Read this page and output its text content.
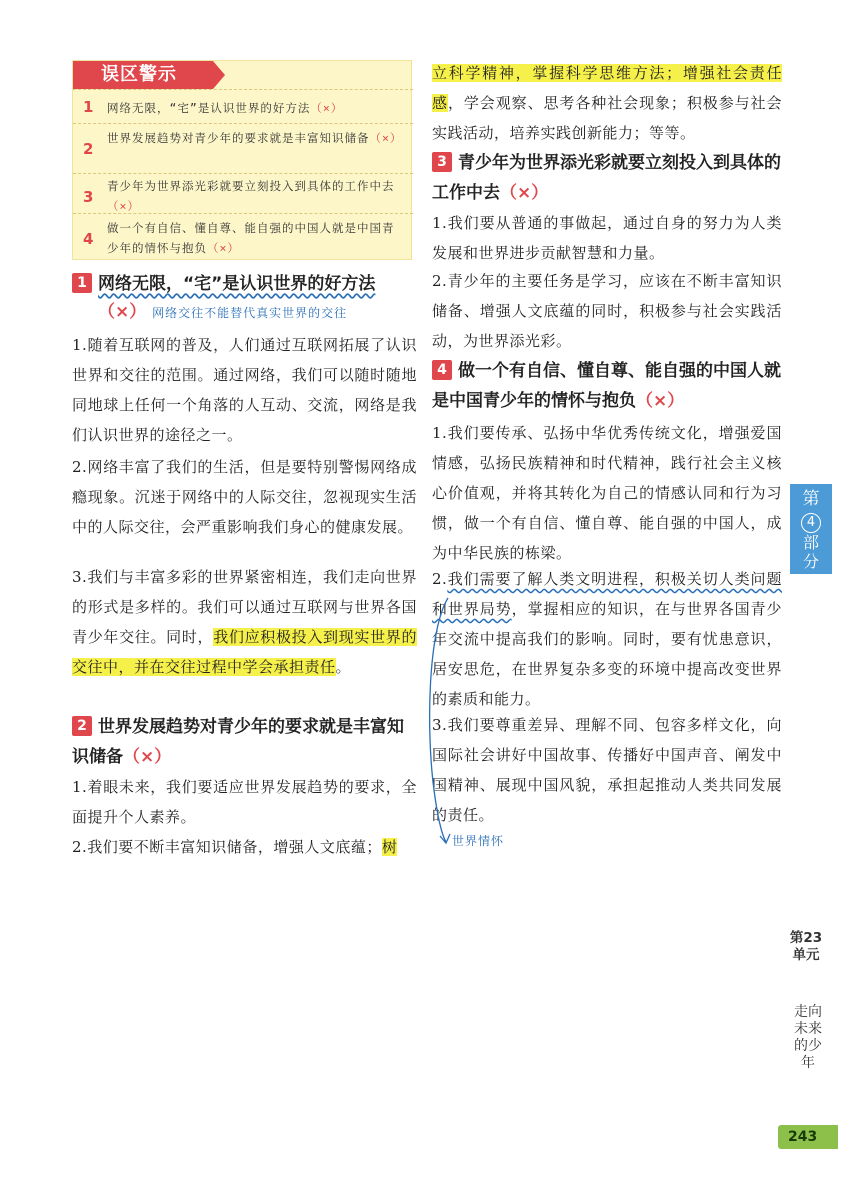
误区警示
1 网络无限，“宅”是认识世界的好方法（×）
2
世界发展趋势对青少年的要求就是丰富知识储备（×）
3
青少年为世界添光彩就要立刻投入到具体的工作中去（×）
4
做一个有自信、懂自尊、能自强的中国人就是中国青少年的情怀与抱负（×）
1 网络无限，“宅”是认识世界的好方法
（×） 网络交往不能替代真实世界的交往
1.随着互联网的普及，人们通过互联网拓展了认识世界和交往的范围。通过网络，我们可以随时随地同地球上任何一个角落的人互动、交流，网络是我们认识世界的途径之一。
2.网络丰富了我们的生活，但是要特别警惕网络成瘾现象。沉迷于网络中的人际交往，忽视现实生活中的人际交往，会严重影响我们身心的健康发展。
3.我们与丰富多彩的世界紧密相连，我们走向世界的形式是多样的。我们可以通过互联网与世界各国青少年交往。同时，我们应积极投入到现实世界的交往中，并在交往过程中学会承担责任。
2 世界发展趋势对青少年的要求就是丰富知识储备（×）
1.着眼未来，我们要适应世界发展趋势的要求，全面提升个人素养。
2.我们要不断丰富知识储备，增强人文底蕴；树
立科学精神，掌握科学思维方法；增强社会责任感，学会观察、思考各种社会现象；积极参与社会实践活动，培养实践创新能力；等等。
3 青少年为世界添光彩就要立刻投入到具体的工作中去（×）
1.我们要从普通的事做起，通过自身的努力为人类发展和世界进步贡献智慧和力量。
2.青少年的主要任务是学习，应该在不断丰富知识储备、增强人文底蕴的同时，积极参与社会实践活动，为世界添光彩。
4 做一个有自信、懂自尊、能自强的中国人就是中国青少年的情怀与抱负（×）
1.我们要传承、弘扬中华优秀传统文化，增强爱国情感，弘扬民族精神和时代精神，践行社会主义核心价值观，并将其转化为自己的情感认同和行为习惯，做一个有自信、懂自尊、能自强的中国人，成为中华民族的栋梁。
2.我们需要了解人类文明进程，积极关切人类问题和世界局势，掌握相应的知识，在与世界各国青少年交流中提高我们的影响。同时，要有忧患意识，居安思危，在世界复杂多变的环境中提高改变世界的素质和能力。
3.我们要尊重差异、理解不同、包容多样文化，向国际社会讲好中国故事、传播好中国声音、阐发中国精神、展现中国风貌，承担起推动人类共同发展的责任。
世界情怀
第
4
部分
第23单元
走向未来的少年
243
